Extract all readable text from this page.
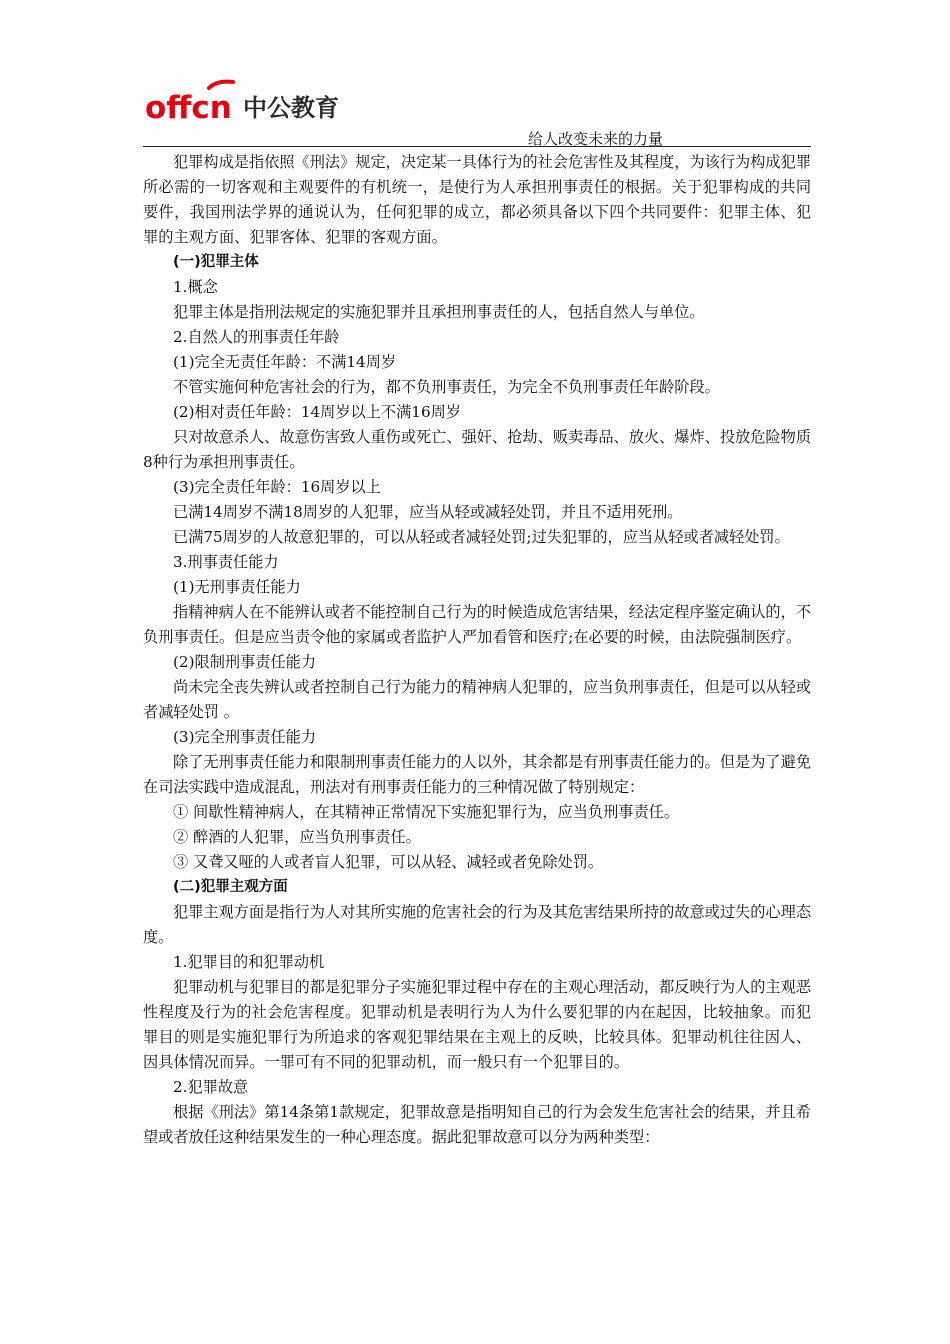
offcn 中公教育
给人改变未来的力量

犯罪构成是指依照《刑法》规定，决定某一具体行为的社会危害性及其程度，为该行为构成犯罪所必需的一切客观和主观要件的有机统一，是使行为人承担刑事责任的根据。关于犯罪构成的共同要件，我国刑法学界的通说认为，任何犯罪的成立，都必须具备以下四个共同要件：犯罪主体、犯罪的主观方面、犯罪客体、犯罪的客观方面。

(一)犯罪主体

1.概念

犯罪主体是指刑法规定的实施犯罪并且承担刑事责任的人，包括自然人与单位。

2.自然人的刑事责任年龄

(1)完全无责任年龄：不满14周岁

不管实施何种危害社会的行为，都不负刑事责任，为完全不负刑事责任年龄阶段。

(2)相对责任年龄：14周岁以上不满16周岁

只对故意杀人、故意伤害致人重伤或死亡、强奸、抢劫、贩卖毒品、放火、爆炸、投放危险物质8种行为承担刑事责任。

(3)完全责任年龄：16周岁以上

已满14周岁不满18周岁的人犯罪，应当从轻或减轻处罚，并且不适用死刑。

已满75周岁的人故意犯罪的，可以从轻或者减轻处罚;过失犯罪的，应当从轻或者减轻处罚。

3.刑事责任能力

(1)无刑事责任能力

指精神病人在不能辨认或者不能控制自己行为的时候造成危害结果，经法定程序鉴定确认的，不负刑事责任。但是应当责令他的家属或者监护人严加看管和医疗;在必要的时候，由法院强制医疗。

(2)限制刑事责任能力

尚未完全丧失辨认或者控制自己行为能力的精神病人犯罪的，应当负刑事责任，但是可以从轻或者减轻处罚 。

(3)完全刑事责任能力

除了无刑事责任能力和限制刑事责任能力的人以外，其余都是有刑事责任能力的。但是为了避免在司法实践中造成混乱，刑法对有刑事责任能力的三种情况做了特别规定：

① 间歇性精神病人，在其精神正常情况下实施犯罪行为，应当负刑事责任。

② 醉酒的人犯罪，应当负刑事责任。

③ 又聋又哑的人或者盲人犯罪，可以从轻、减轻或者免除处罚。

(二)犯罪主观方面

犯罪主观方面是指行为人对其所实施的危害社会的行为及其危害结果所持的故意或过失的心理态度。

1.犯罪目的和犯罪动机

犯罪动机与犯罪目的都是犯罪分子实施犯罪过程中存在的主观心理活动，都反映行为人的主观恶性程度及行为的社会危害程度。犯罪动机是表明行为人为什么要犯罪的内在起因，比较抽象。而犯罪目的则是实施犯罪行为所追求的客观犯罪结果在主观上的反映，比较具体。犯罪动机往往因人、因具体情况而异。一罪可有不同的犯罪动机，而一般只有一个犯罪目的。

2.犯罪故意

根据《刑法》第14条第1款规定，犯罪故意是指明知自己的行为会发生危害社会的结果，并且希望或者放任这种结果发生的一种心理态度。据此犯罪故意可以分为两种类型：
